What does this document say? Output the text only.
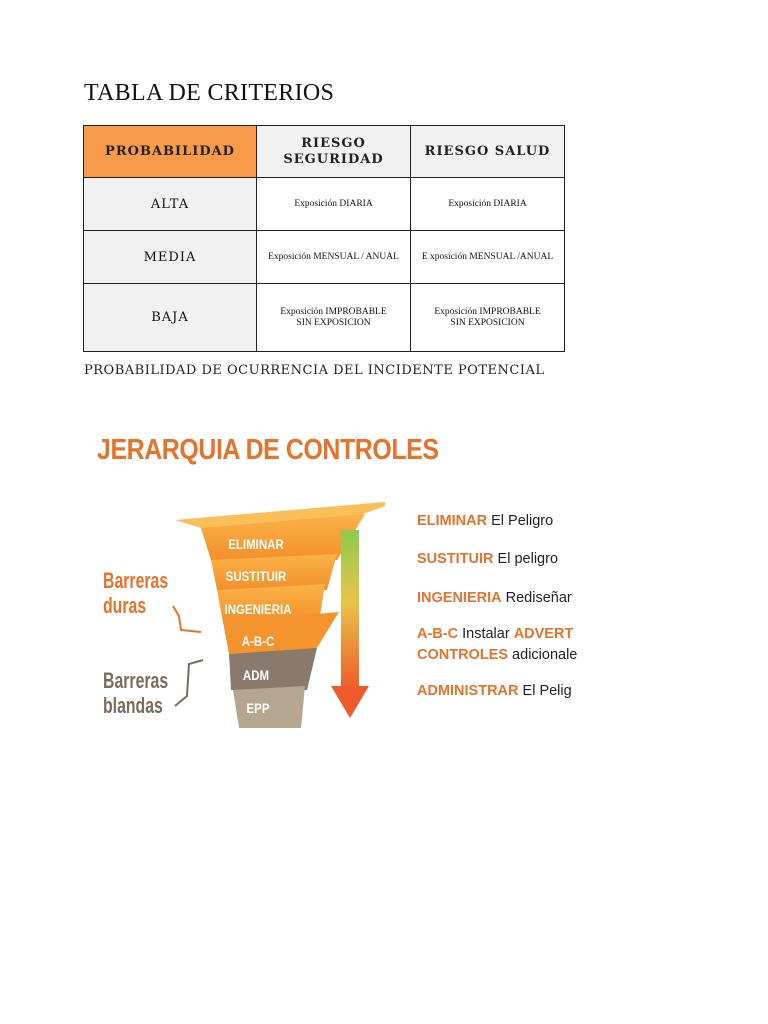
TABLA DE CRITERIOS
PROBABILIDAD	RIESGO SEGURIDAD	RIESGO SALUD
ALTA	Exposición DIARIA	Exposición DIARIA
MEDIA	Exposición MENSUAL / ANUAL	E xposición MENSUAL /ANUAL
BAJA	Exposición IMPROBABLE SIN EXPOSICION	Exposición IMPROBABLE SIN EXPOSICION
PROBABILIDAD DE OCURRENCIA DEL INCIDENTE POTENCIAL
JERARQUIA DE CONTROLES
ELIMINAR
SUSTITUIR
INGENIERIA
A-B-C
ADM
EPP
Barreras
duras
Barreras
blandas
ELIMINAR El Peligro
SUSTITUIR El peligro
INGENIERIA Rediseñar
A-B-C Instalar ADVERT
CONTROLES adicionale
ADMINISTRAR El Pelig
